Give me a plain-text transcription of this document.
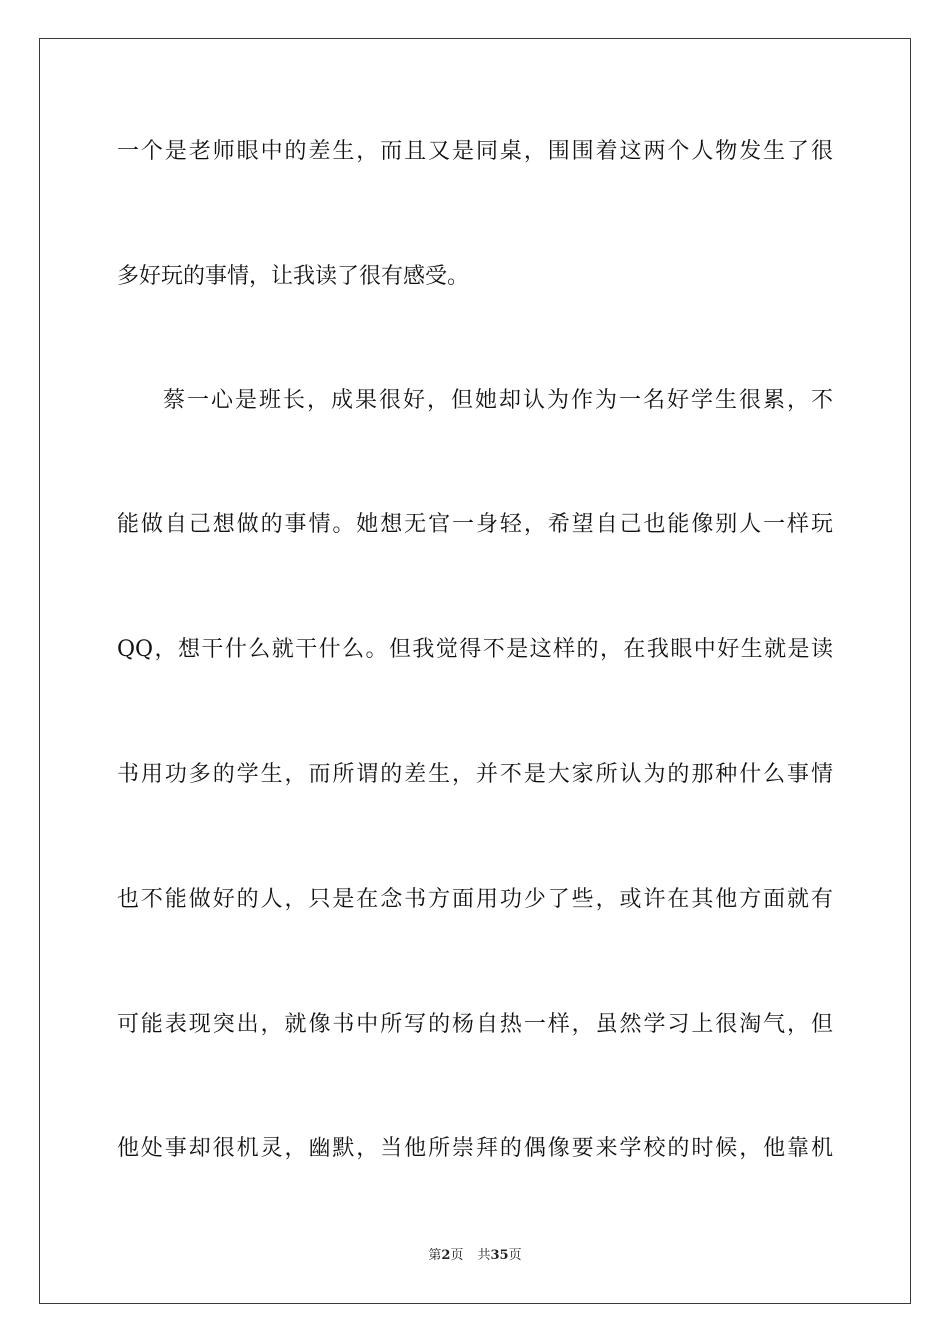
一个是老师眼中的差生，而且又是同桌，围围着这两个人物发生了很
多好玩的事情，让我读了很有感受。
蔡一心是班长，成果很好，但她却认为作为一名好学生很累，不
能做自己想做的事情。她想无官一身轻，希望自己也能像别人一样玩
QQ，想干什么就干什么。但我觉得不是这样的，在我眼中好生就是读
书用功多的学生，而所谓的差生，并不是大家所认为的那种什么事情
也不能做好的人，只是在念书方面用功少了些，或许在其他方面就有
可能表现突出，就像书中所写的杨自热一样，虽然学习上很淘气，但
他处事却很机灵，幽默，当他所崇拜的偶像要来学校的时候，他靠机
第2页 共35页
